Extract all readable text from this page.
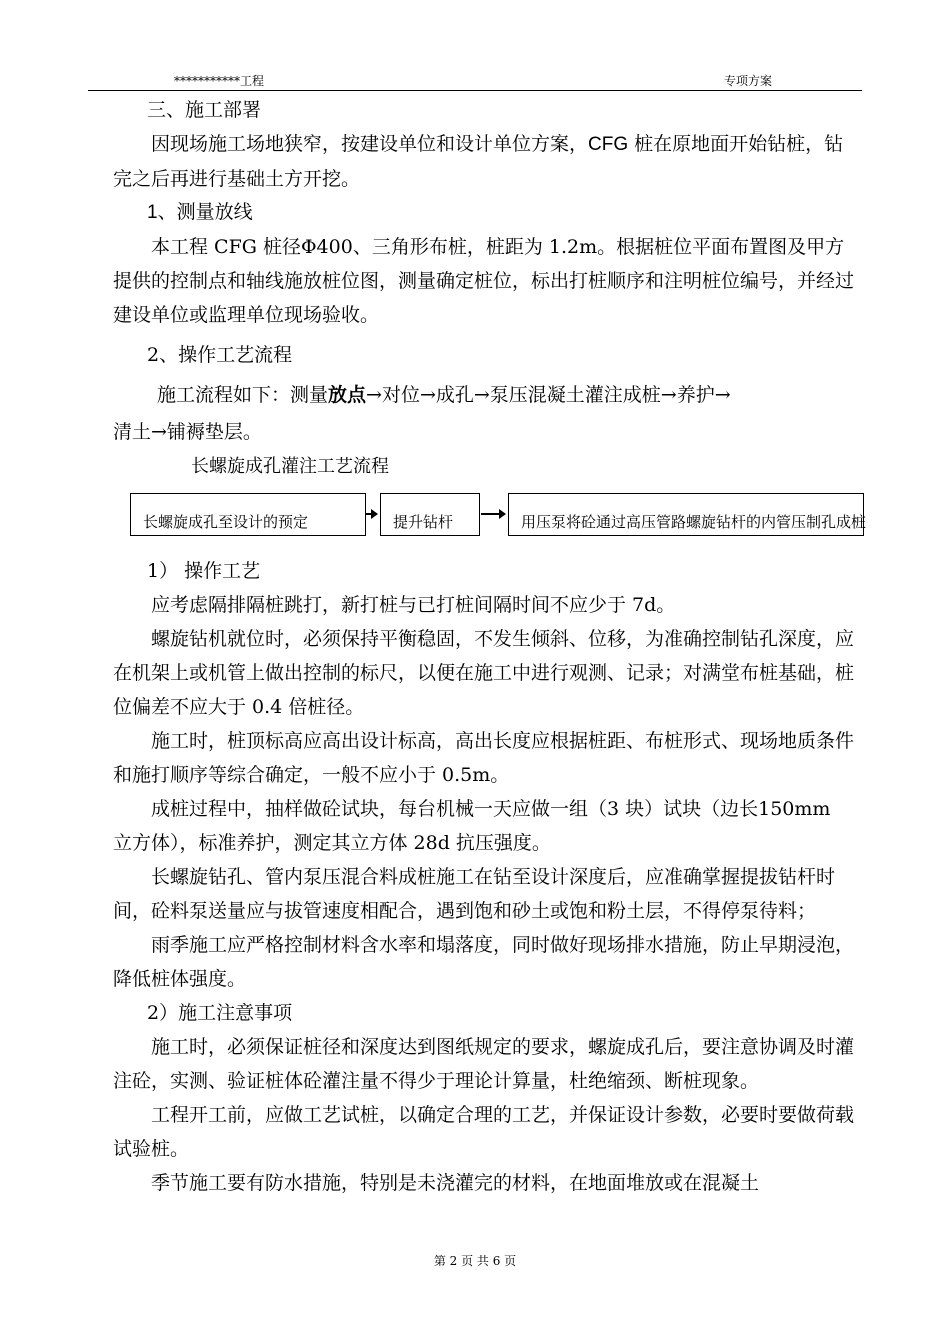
***********工程	专项方案

三、施工部署

因现场施工场地狭窄，按建设单位和设计单位方案，CFG 桩在原地面开始钻桩，钻完之后再进行基础土方开挖。

1、测量放线

本工程 CFG 桩径Φ400、三角形布桩，桩距为 1.2m。根据桩位平面布置图及甲方提供的控制点和轴线施放桩位图，测量确定桩位，标出打桩顺序和注明桩位编号，并经过建设单位或监理单位现场验收。

2、操作工艺流程

施工流程如下：测量放点→对位→成孔→泵压混凝土灌注成桩→养护→

清土→铺褥垫层。

长螺旋成孔灌注工艺流程

长螺旋成孔至设计的预定	提升钻杆	用压泵将砼通过高压管路螺旋钻杆的内管压制孔成桩

1） 操作工艺

应考虑隔排隔桩跳打，新打桩与已打桩间隔时间不应少于 7d。

螺旋钻机就位时，必须保持平衡稳固，不发生倾斜、位移，为准确控制钻孔深度，应在机架上或机管上做出控制的标尺，以便在施工中进行观测、记录；对满堂布桩基础，桩位偏差不应大于 0.4 倍桩径。

施工时，桩顶标高应高出设计标高，高出长度应根据桩距、布桩形式、现场地质条件和施打顺序等综合确定，一般不应小于 0.5m。

成桩过程中，抽样做砼试块，每台机械一天应做一组（3 块）试块（边长150mm 立方体），标准养护，测定其立方体 28d 抗压强度。

长螺旋钻孔、管内泵压混合料成桩施工在钻至设计深度后，应准确掌握提拔钻杆时间，砼料泵送量应与拔管速度相配合，遇到饱和砂土或饱和粉土层，不得停泵待料；

雨季施工应严格控制材料含水率和塌落度，同时做好现场排水措施，防止早期浸泡，降低桩体强度。

2）施工注意事项

施工时，必须保证桩径和深度达到图纸规定的要求，螺旋成孔后，要注意协调及时灌注砼，实测、验证桩体砼灌注量不得少于理论计算量，杜绝缩颈、断桩现象。

工程开工前，应做工艺试桩，以确定合理的工艺，并保证设计参数，必要时要做荷载试验桩。

季节施工要有防水措施，特别是未浇灌完的材料，在地面堆放或在混凝土

第 2 页 共 6 页
